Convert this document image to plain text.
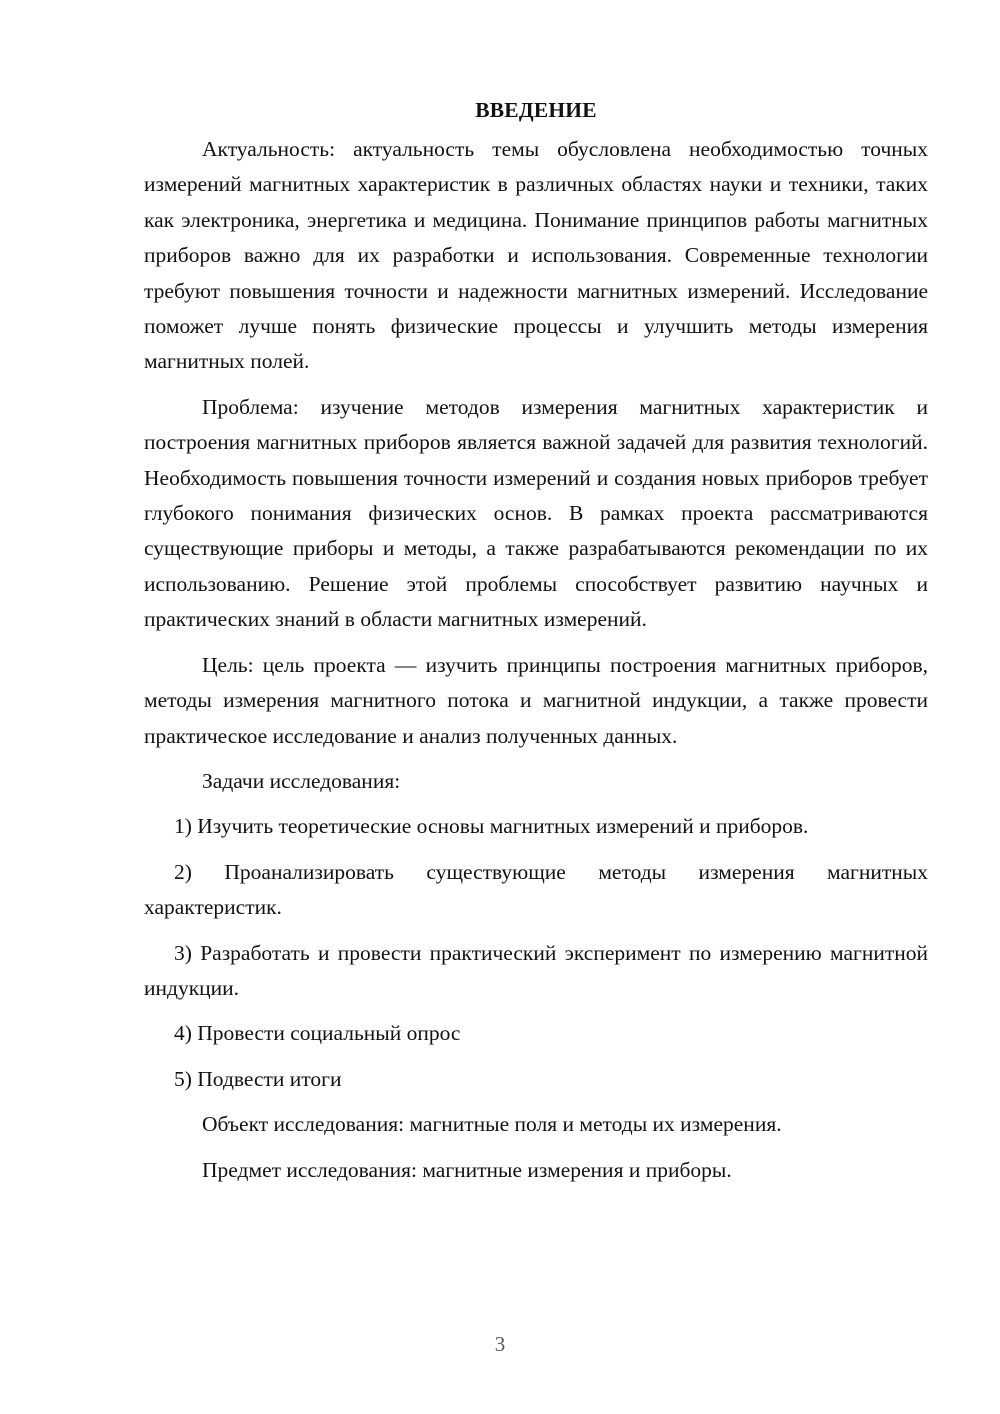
ВВЕДЕНИЕ

Актуальность: актуальность темы обусловлена необходимостью точных измерений магнитных характеристик в различных областях науки и техники, таких как электроника, энергетика и медицина. Понимание принципов работы магнитных приборов важно для их разработки и использования. Современные технологии требуют повышения точности и надежности магнитных измерений. Исследование поможет лучше понять физические процессы и улучшить методы измерения магнитных полей.

Проблема: изучение методов измерения магнитных характеристик и построения магнитных приборов является важной задачей для развития технологий. Необходимость повышения точности измерений и создания новых приборов требует глубокого понимания физических основ. В рамках проекта рассматриваются существующие приборы и методы, а также разрабатываются рекомендации по их использованию. Решение этой проблемы способствует развитию научных и практических знаний в области магнитных измерений.

Цель: цель проекта — изучить принципы построения магнитных приборов, методы измерения магнитного потока и магнитной индукции, а также провести практическое исследование и анализ полученных данных.

Задачи исследования:

1) Изучить теоретические основы магнитных измерений и приборов.

2) Проанализировать существующие методы измерения магнитных характеристик.

3) Разработать и провести практический эксперимент по измерению магнитной индукции.

4) Провести социальный опрос

5) Подвести итоги

Объект исследования: магнитные поля и методы их измерения.

Предмет исследования: магнитные измерения и приборы.

3
